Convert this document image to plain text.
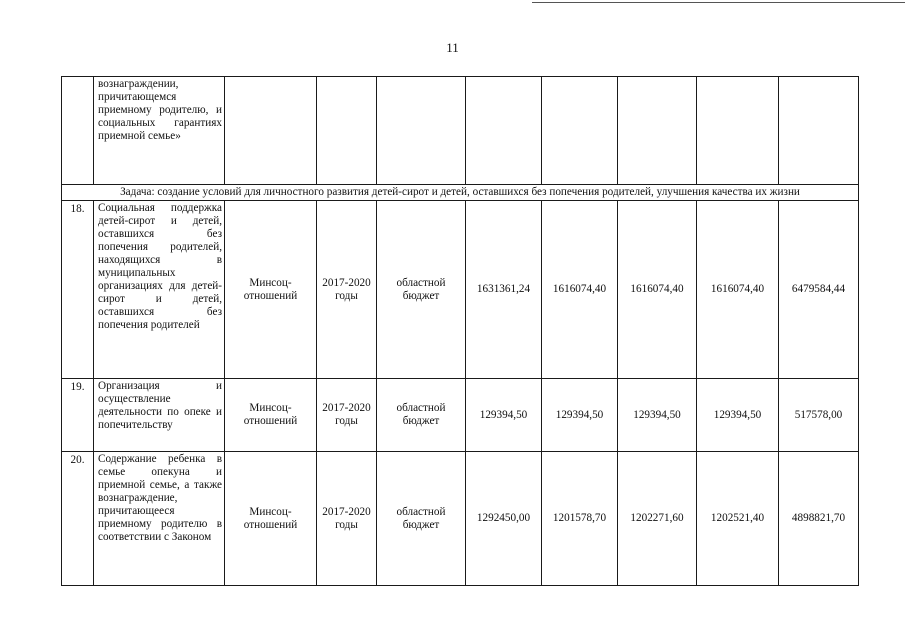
11
	вознаграждении, причитающемся приемному родителю, и социальных гарантиях приемной семье»								
Задача: создание условий для личностного развития детей-сирот и детей, оставшихся без попечения родителей, улучшения качества их жизни									
18.	Социальная поддержка детей-сирот и детей, оставшихся без попечения родителей, находящихся в муниципальных организациях для детей-сирот и детей, оставшихся без попечения родителей	Минсоц-отношений	2017-2020 годы	областной бюджет	1631361,24	1616074,40	1616074,40	1616074,40	6479584,44
19.	Организация и осуществление деятельности по опеке и попечительству	Минсоц-отношений	2017-2020 годы	областной бюджет	129394,50	129394,50	129394,50	129394,50	517578,00
20.	Содержание ребенка в семье опекуна и приемной семье, а также вознаграждение, причитающееся приемному родителю в соответствии с Законом	Минсоц-отношений	2017-2020 годы	областной бюджет	1292450,00	1201578,70	1202271,60	1202521,40	4898821,70
